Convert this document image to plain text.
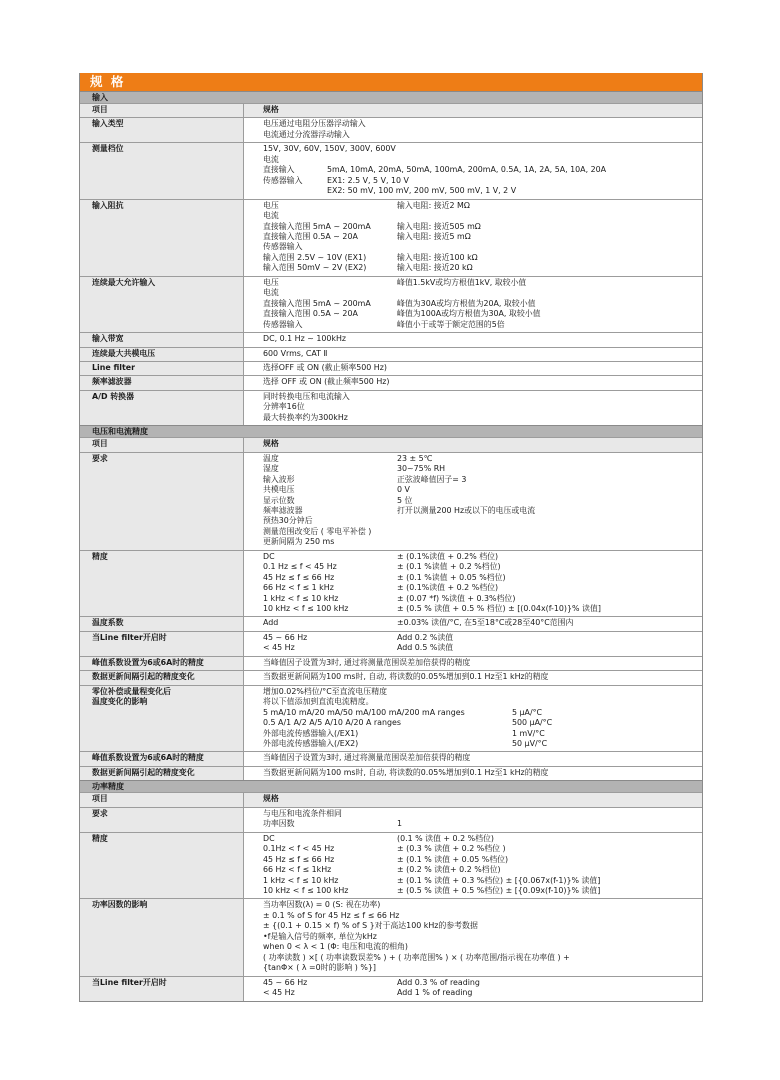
规 格
输入
项目	规格
输入类型	电压 通过电阻分压器浮动输入
电流 通过分流器浮动输入
测量档位	15V, 30V, 60V, 150V, 300V, 600V
电流
直接输入	5mA, 10mA, 20mA, 50mA, 100mA, 200mA, 0.5A, 1A, 2A, 5A, 10A, 20A
传感器输入	EX1: 2.5 V, 5 V, 10 V
EX2: 50 mV, 100 mV, 200 mV, 500 mV, 1 V, 2 V
输入阻抗	电压	输入电阻: 接近2 MΩ
电流
直接输入范围 5mA ~ 200mA	输入电阻: 接近505 mΩ
直接输入范围 0.5A ~ 20A	输入电阻: 接近5 mΩ
传感器输入
输入范围 2.5V ~ 10V (EX1)	输入电阻: 接近100 kΩ
输入范围 50mV ~ 2V (EX2)	输入电阻: 接近20 kΩ
连续最大允许输入	电压	峰值1.5kV或均方根值1kV, 取较小值
电流
直接输入范围 5mA ~ 200mA	峰值为30A或均方根值为20A, 取较小值
直接输入范围 0.5A ~ 20A	峰值为100A或均方根值为30A, 取较小值
传感器输入	峰值小于或等于额定范围的5倍
输入带宽	DC, 0.1 Hz ~ 100kHz
连续最大共模电压	600 Vrms, CAT Ⅱ
Line filter	选择OFF 或 ON (截止频率500 Hz)
频率滤波器	选择 OFF 或 ON (截止频率500 Hz)
A/D 转换器	同时转换电压和电流输入
分辨率16位
最大转换率约为300kHz
电压和电流精度
项目	规格
要求	温度	23 ± 5℃
湿度	30~75% RH
输入波形	正弦波峰值因子= 3
共模电压	0 V
显示位数	5 位
频率滤波器	打开以测量200 Hz或以下的电压或电流
预热30分钟后
测量范围改变后 ( 零电平补偿 )
更新间隔为 250 ms
精度	DC	± (0.1%读值 + 0.2% 档位)
0.1 Hz ≤ f < 45 Hz	± (0.1 %读值 + 0.2 %档位)
45 Hz ≤ f ≤ 66 Hz	± (0.1 %读值 + 0.05 %档位)
66 Hz < f ≤ 1 kHz	± (0.1%读值 + 0.2 %档位)
1 kHz < f ≤ 10 kHz	± (0.07 *f) %读值 + 0.3%档位)
10 kHz < f ≤ 100 kHz	± (0.5 % 读值 + 0.5 % 档位) ± [(0.04x(f-10)}% 读值]
温度系数	Add	±0.03% 读值/°C, 在5至18°C或28至40°C范围内
当Line filter开启时	45 ~ 66 Hz	Add 0.2 %读值
< 45 Hz	Add 0.5 %读值
峰值系数设置为6或6A时的精度	当峰值因子设置为3时, 通过将测量范围误差加倍获得的精度
数据更新间隔引起的精度变化	当数据更新间隔为100 ms时, 自动, 将读数的0.05%增加到0.1 Hz至1 kHz的精度
零位补偿或量程变化后
温度变化的影响
增加0.02%档位/°C至直流电压精度
将以下值添加到直流电流精度。
5 mA/10 mA/20 mA/50 mA/100 mA/200 mA ranges	5 μA/°C
0.5 A/1 A/2 A/5 A/10 A/20 A ranges	500 μA/°C
外部电流传感器输入(/EX1)	1 mV/°C
外部电流传感器输入(/EX2)	50 μV/°C
峰值系数设置为6或6A时的精度	当峰值因子设置为3时, 通过将测量范围误差加倍获得的精度
数据更新间隔引起的精度变化	当数据更新间隔为100 ms时, 自动, 将读数的0.05%增加到0.1 Hz至1 kHz的精度
功率精度
项目	规格
要求	与电压和电流条件相同
功率因数	1
精度	DC	(0.1 % 读值 + 0.2 %档位)
0.1Hz < f < 45 Hz	± (0.3 % 读值 + 0.2 %档位 )
45 Hz ≤ f ≤ 66 Hz	± (0.1 % 读值 + 0.05 %档位)
66 Hz < f ≤ 1kHz	± (0.2 % 读值+ 0.2 %档位)
1 kHz < f ≤ 10 kHz	± (0.1 % 读值 + 0.3 %档位) ± [{0.067x(f-1)}% 读值]
10 kHz < f ≤ 100 kHz	± (0.5 % 读值 + 0.5 %档位) ± [{0.09x(f-10)}% 读值]
功率因数的影响	当功率因数(λ) = 0 (S: 视在功率)
± 0.1 % of S for 45 Hz ≤ f ≤ 66 Hz
± {(0.1 + 0.15 × f) % of S }对于高达100 kHz的参考数据
•f是输入信号的频率, 单位为kHz
when 0 < λ < 1 (Φ: 电压和电流的相角)
( 功率读数 ) ×[ ( 功率读数误差% ) + ( 功率范围% ) × ( 功率范围/指示视在功率值 ) +
{tanΦ× ( λ =0时的影响 ) %}]
当Line filter开启时	45 ~ 66 Hz	Add 0.3 % of reading
< 45 Hz	Add 1 % of reading
